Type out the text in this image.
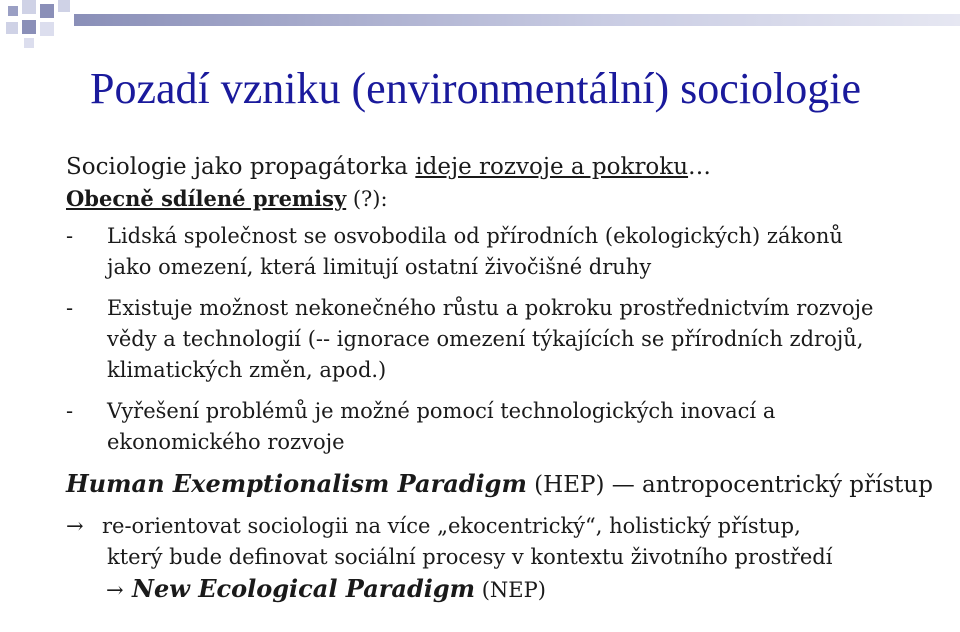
Pozadí vzniku (environmentální) sociologie

Sociologie jako propagátorka ideje rozvoje a pokroku…

Obecně sdílené premisy (?):

- Lidská společnost se osvobodila od přírodních (ekologických) zákonů

jako omezení, která limitují ostatní živočišné druhy

- Existuje možnost nekonečného růstu a pokroku prostřednictvím rozvoje

vědy a technologií (-- ignorace omezení týkajících se přírodních zdrojů,

klimatických změn, apod.)

- Vyřešení problémů je možné pomocí technologických inovací a

ekonomického rozvoje

Human Exemptionalism Paradigm (HEP) — antropocentrický přístup

→ re-orientovat sociologii na více „ekocentrický“, holistický přístup,

který bude definovat sociální procesy v kontextu životního prostředí

→ New Ecological Paradigm (NEP)
